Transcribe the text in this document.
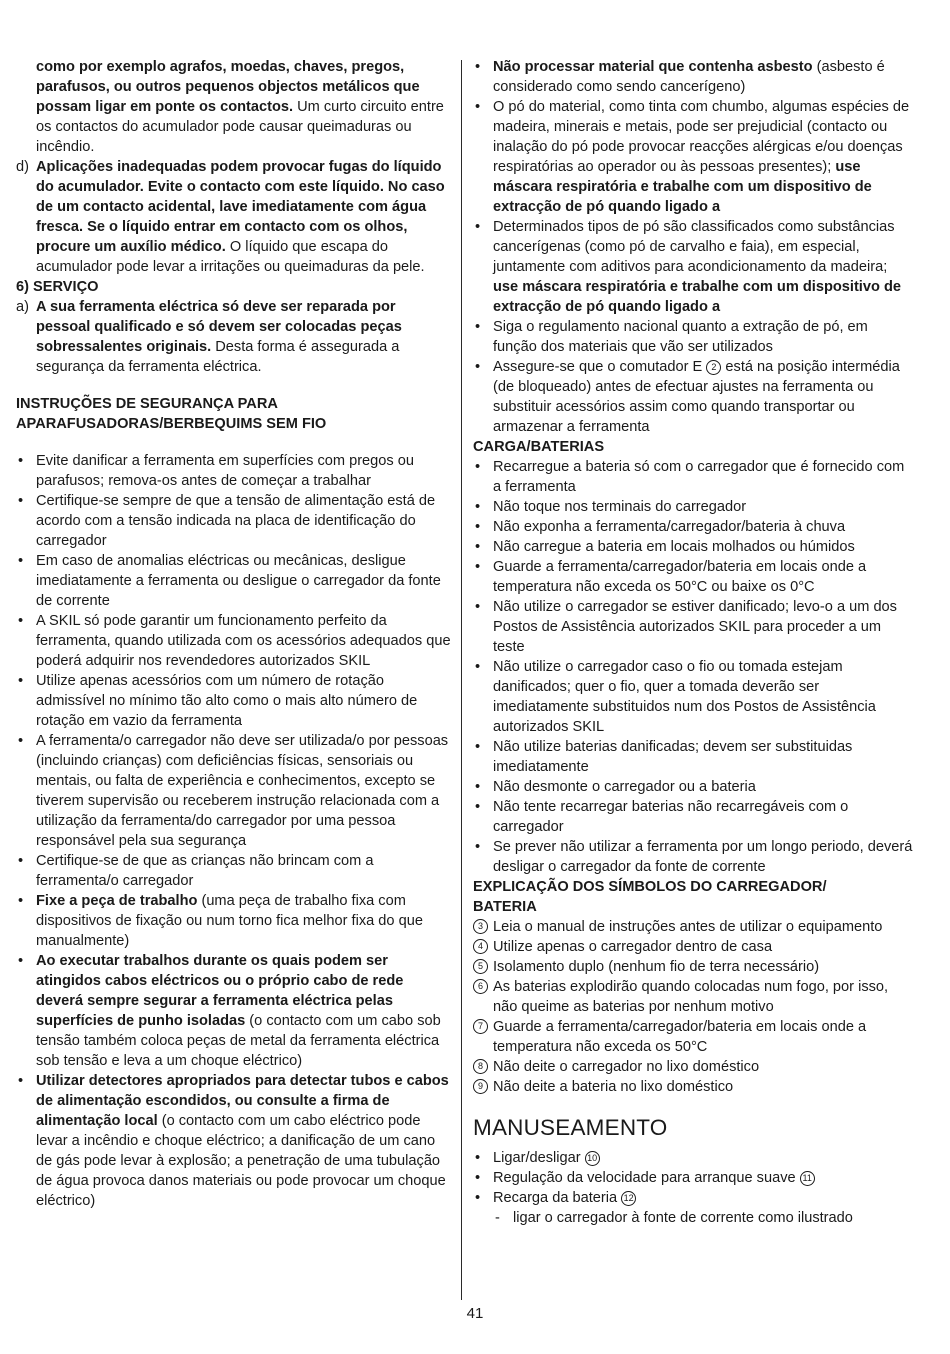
como por exemplo agrafos, moedas, chaves, pregos, parafusos, ou outros pequenos objectos metálicos que possam ligar em ponte os contactos. Um curto circuito entre os contactos do acumulador pode causar queimaduras ou incêndio.

d) Aplicações inadequadas podem provocar fugas do líquido do acumulador. Evite o contacto com este líquido. No caso de um contacto acidental, lave imediatamente com água fresca. Se o líquido entrar em contacto com os olhos, procure um auxílio médico. O líquido que escapa do acumulador pode levar a irritações ou queimaduras da pele.

6) SERVIÇO

a) A sua ferramenta eléctrica só deve ser reparada por pessoal qualificado e só devem ser colocadas peças sobressalentes originais. Desta forma é assegurada a segurança da ferramenta eléctrica.

INSTRUÇÕES DE SEGURANÇA PARA

APARAFUSADORAS/BERBEQUIMS SEM FIO

• Evite danificar a ferramenta em superfícies com pregos ou parafusos; remova-os antes de começar a trabalhar

• Certifique-se sempre de que a tensão de alimentação está de acordo com a tensão indicada na placa de identificação do carregador

• Em caso de anomalias eléctricas ou mecânicas, desligue imediatamente a ferramenta ou desligue o carregador da fonte de corrente

• A SKIL só pode garantir um funcionamento perfeito da ferramenta, quando utilizada com os acessórios adequados que poderá adquirir nos revendedores autorizados SKIL

• Utilize apenas acessórios com um número de rotação admissível no mínimo tão alto como o mais alto número de rotação em vazio da ferramenta

• A ferramenta/o carregador não deve ser utilizada/o por pessoas (incluindo crianças) com deficiências físicas, sensoriais ou mentais, ou falta de experiência e conhecimentos, excepto se tiverem supervisão ou receberem instrução relacionada com a utilização da ferramenta/do carregador por uma pessoa responsável pela sua segurança

• Certifique-se de que as crianças não brincam com a ferramenta/o carregador

• Fixe a peça de trabalho (uma peça de trabalho fixa com dispositivos de fixação ou num torno fica melhor fixa do que manualmente)

• Ao executar trabalhos durante os quais podem ser atingidos cabos eléctricos ou o próprio cabo de rede deverá sempre segurar a ferramenta eléctrica pelas superfícies de punho isoladas (o contacto com um cabo sob tensão também coloca peças de metal da ferramenta eléctrica sob tensão e leva a um choque eléctrico)

• Utilizar detectores apropriados para detectar tubos e cabos de alimentação escondidos, ou consulte a firma de alimentação local (o contacto com um cabo eléctrico pode levar a incêndio e choque eléctrico; a danificação de um cano de gás pode levar à explosão; a penetração de uma tubulação de água provoca danos materiais ou pode provocar um choque eléctrico)

• Não processar material que contenha asbesto (asbesto é considerado como sendo cancerígeno)

• O pó do material, como tinta com chumbo, algumas espécies de madeira, minerais e metais, pode ser prejudicial (contacto ou inalação do pó pode provocar reacções alérgicas e/ou doenças respiratórias ao operador ou às pessoas presentes); use máscara respiratória e trabalhe com um dispositivo de extracção de pó quando ligado a

• Determinados tipos de pó são classificados como substâncias cancerígenas (como pó de carvalho e faia), em especial, juntamente com aditivos para acondicionamento da madeira; use máscara respiratória e trabalhe com um dispositivo de extracção de pó quando ligado a

• Siga o regulamento nacional quanto a extração de pó, em função dos materiais que vão ser utilizados

• Assegure-se que o comutador E 2 está na posição intermédia (de bloqueado) antes de efectuar ajustes na ferramenta ou substituir acessórios assim como quando transportar ou armazenar a ferramenta

CARGA/BATERIAS

• Recarregue a bateria só com o carregador que é fornecido com a ferramenta

• Não toque nos terminais do carregador

• Não exponha a ferramenta/carregador/bateria à chuva

• Não carregue a bateria em locais molhados ou húmidos

• Guarde a ferramenta/carregador/bateria em locais onde a temperatura não exceda os 50°C ou baixe os 0°C

• Não utilize o carregador se estiver danificado; levo-o a um dos Postos de Assistência autorizados SKIL para proceder a um teste

• Não utilize o carregador caso o fio ou tomada estejam danificados; quer o fio, quer a tomada deverão ser imediatamente substituidos num dos Postos de Assistência autorizados SKIL

• Não utilize baterias danificadas; devem ser substituidas imediatamente

• Não desmonte o carregador ou a bateria

• Não tente recarregar baterias não recarregáveis com o carregador

• Se prever não utilizar a ferramenta por um longo periodo, deverá desligar o carregador da fonte de corrente

EXPLICAÇÃO DOS SÍMBOLOS DO CARREGADOR/

BATERIA

3 Leia o manual de instruções antes de utilizar o equipamento

4 Utilize apenas o carregador dentro de casa

5 Isolamento duplo (nenhum fio de terra necessário)

6 As baterias explodirão quando colocadas num fogo, por isso, não queime as baterias por nenhum motivo

7 Guarde a ferramenta/carregador/bateria em locais onde a temperatura não exceda os 50°C

8 Não deite o carregador no lixo doméstico

9 Não deite a bateria no lixo doméstico

MANUSEAMENTO

• Ligar/desligar 10

• Regulação da velocidade para arranque suave 11

• Recarga da bateria 12

- ligar o carregador à fonte de corrente como ilustrado

41
